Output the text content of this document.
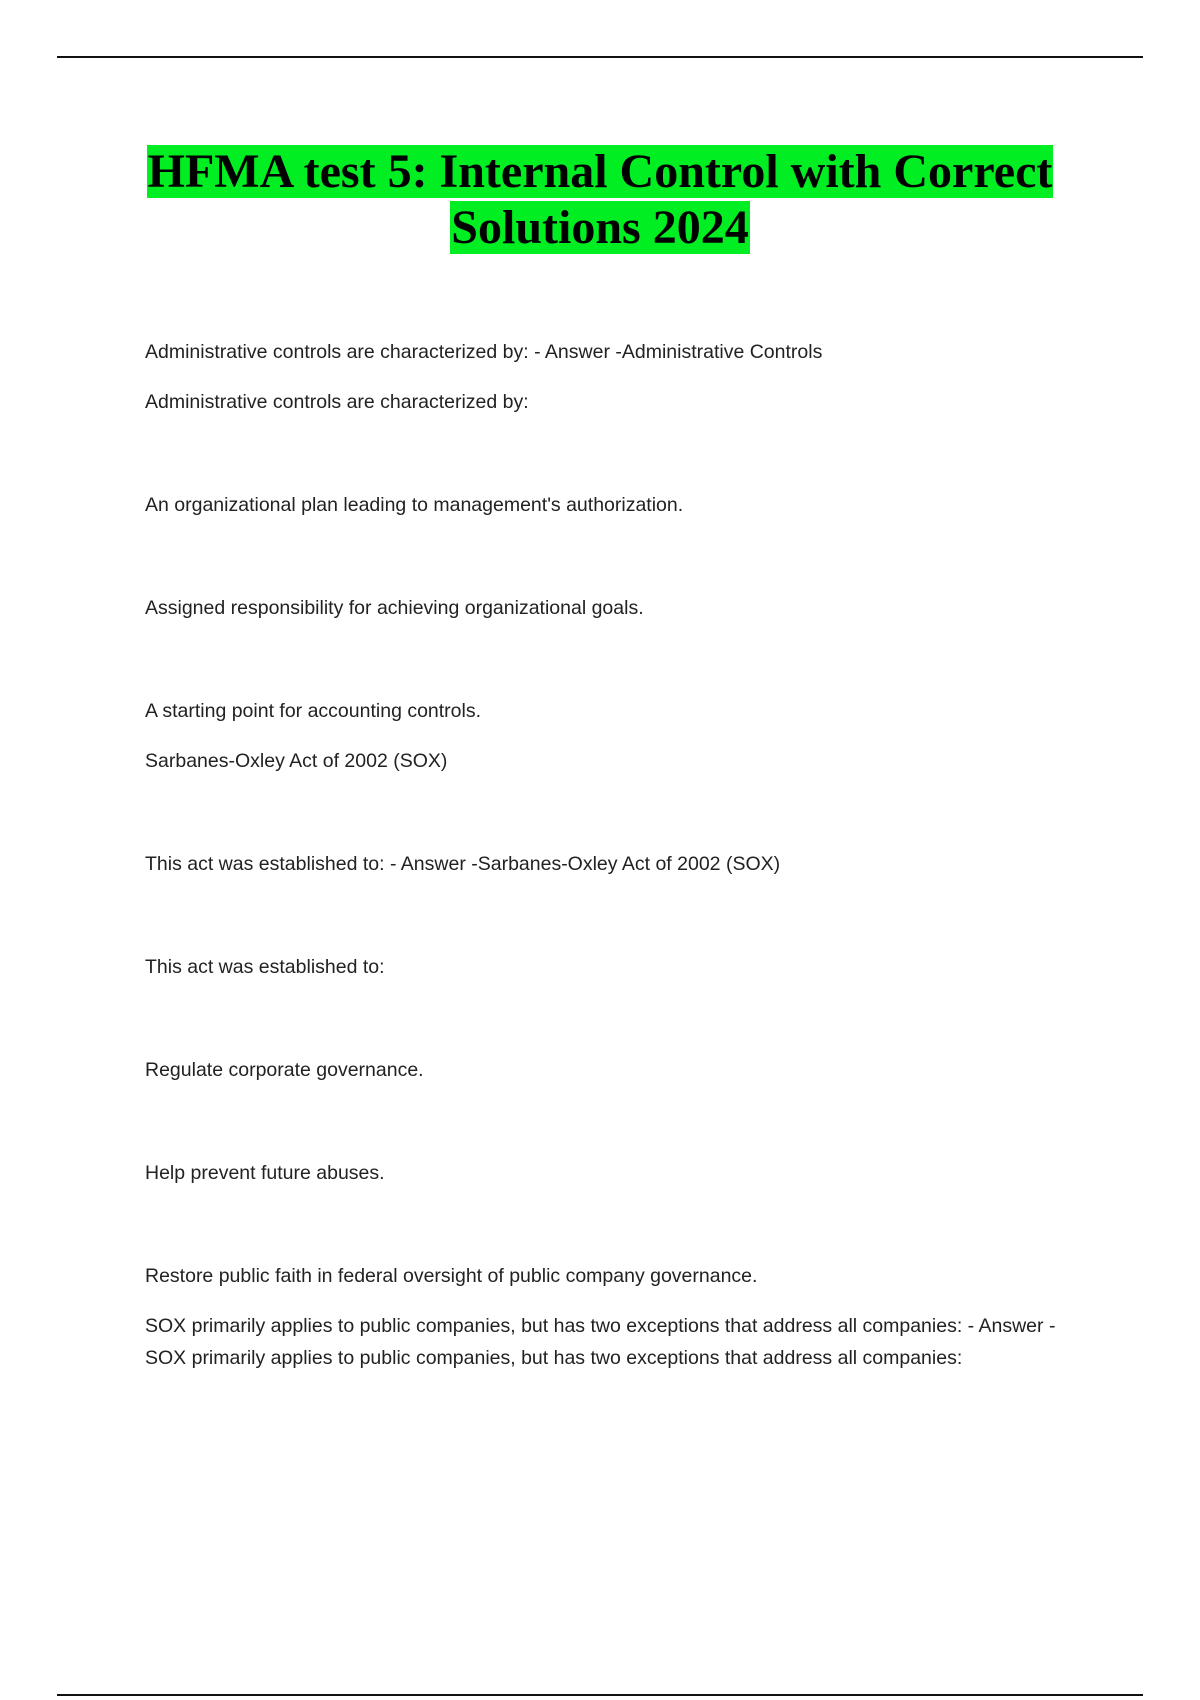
HFMA test 5: Internal Control with Correct Solutions 2024

Administrative controls are characterized by: - Answer -Administrative Controls

Administrative controls are characterized by:

An organizational plan leading to management's authorization.

Assigned responsibility for achieving organizational goals.

A starting point for accounting controls.

Sarbanes-Oxley Act of 2002 (SOX)

This act was established to: - Answer -Sarbanes-Oxley Act of 2002 (SOX)

This act was established to:

Regulate corporate governance.

Help prevent future abuses.

Restore public faith in federal oversight of public company governance.

SOX primarily applies to public companies, but has two exceptions that address all companies: - Answer -SOX primarily applies to public companies, but has two exceptions that address all companies:
